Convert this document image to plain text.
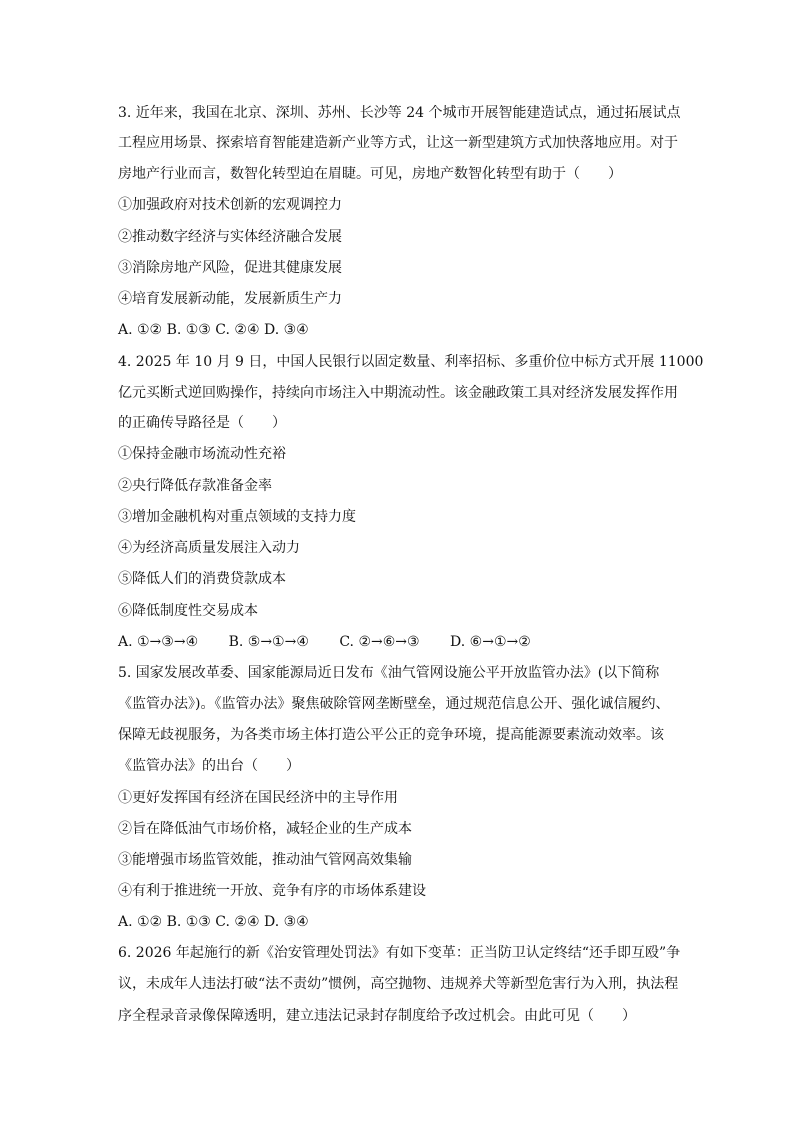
3. 近年来，我国在北京、深圳、苏州、长沙等 24 个城市开展智能建造试点，通过拓展试点
工程应用场景、探索培育智能建造新产业等方式，让这一新型建筑方式加快落地应用。对于
房地产行业而言，数智化转型迫在眉睫。可见，房地产数智化转型有助于（　　）
①加强政府对技术创新的宏观调控力
②推动数字经济与实体经济融合发展
③消除房地产风险，促进其健康发展
④培育发展新动能，发展新质生产力
A. ①② B. ①③ C. ②④ D. ③④
4. 2025 年 10 月 9 日，中国人民银行以固定数量、利率招标、多重价位中标方式开展 11000
亿元买断式逆回购操作，持续向市场注入中期流动性。该金融政策工具对经济发展发挥作用
的正确传导路径是（　　）
①保持金融市场流动性充裕
②央行降低存款准备金率
③增加金融机构对重点领域的支持力度
④为经济高质量发展注入动力
⑤降低人们的消费贷款成本
⑥降低制度性交易成本
A. ①→③→④ B. ⑤→①→④ C. ②→⑥→③ D. ⑥→①→②
5. 国家发展改革委、国家能源局近日发布《油气管网设施公平开放监管办法》(以下简称
《监管办法》)。《监管办法》聚焦破除管网垄断壁垒，通过规范信息公开、强化诚信履约、
保障无歧视服务，为各类市场主体打造公平公正的竞争环境，提高能源要素流动效率。该
《监管办法》的出台（　　）
①更好发挥国有经济在国民经济中的主导作用
②旨在降低油气市场价格，减轻企业的生产成本
③能增强市场监管效能，推动油气管网高效集输
④有利于推进统一开放、竞争有序的市场体系建设
A. ①② B. ①③ C. ②④ D. ③④
6. 2026 年起施行的新《治安管理处罚法》有如下变革：正当防卫认定终结“还手即互殴”争
议，未成年人违法打破“法不责幼”惯例，高空抛物、违规养犬等新型危害行为入刑，执法程
序全程录音录像保障透明，建立违法记录封存制度给予改过机会。由此可见（　　）
